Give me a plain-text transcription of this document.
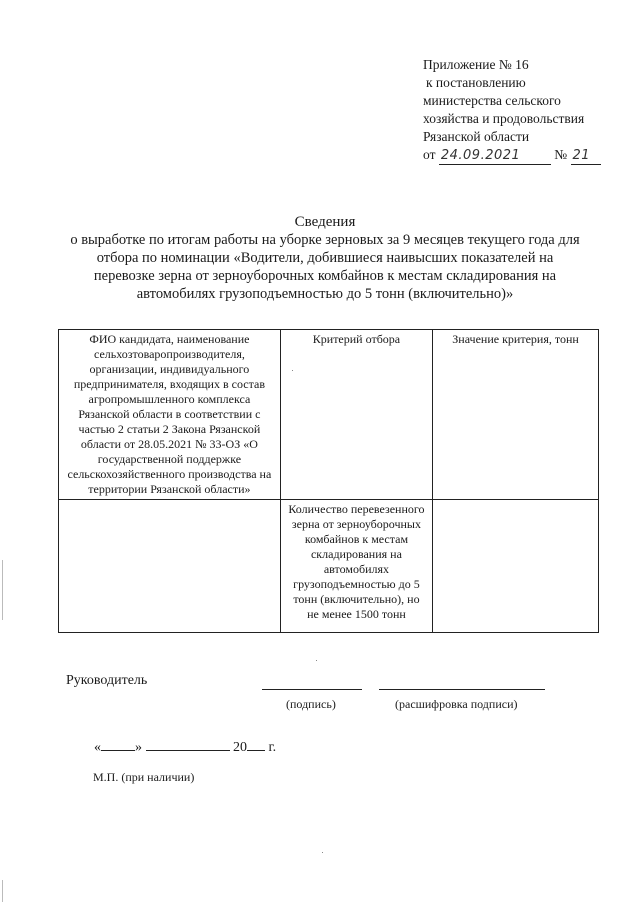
Приложение № 16
к постановлению
министерства сельского
хозяйства и продовольствия
Рязанской области
от 24.09.2021	№ 21
Сведения
о выработке по итогам работы на уборке зерновых за 9 месяцев текущего года для
отбора по номинации «Водители, добившиеся наивысших показателей на
перевозке зерна от зерноуборочных комбайнов к местам складирования на
автомобилях грузоподъемностью до 5 тонн (включительно)»
ФИО кандидата, наименование сельхозтоваропроизводителя, организации, индивидуального предпринимателя, входящих в состав агропромышленного комплекса Рязанской области в соответствии с частью 2 статьи 2 Закона Рязанской области от 28.05.2021 № 33-ОЗ «О государственной поддержке сельскохозяйственного производства на территории Рязанской области»	Критерий отбора	Значение критерия, тонн
	Количество перевезенного зерна от зерноуборочных комбайнов к местам складирования на автомобилях грузоподъемностью до 5 тонн (включительно), но не менее 1500 тонн	
Руководитель
(подпись)	(расшифровка подписи)
« »	20 г.
М.П. (при наличии)
